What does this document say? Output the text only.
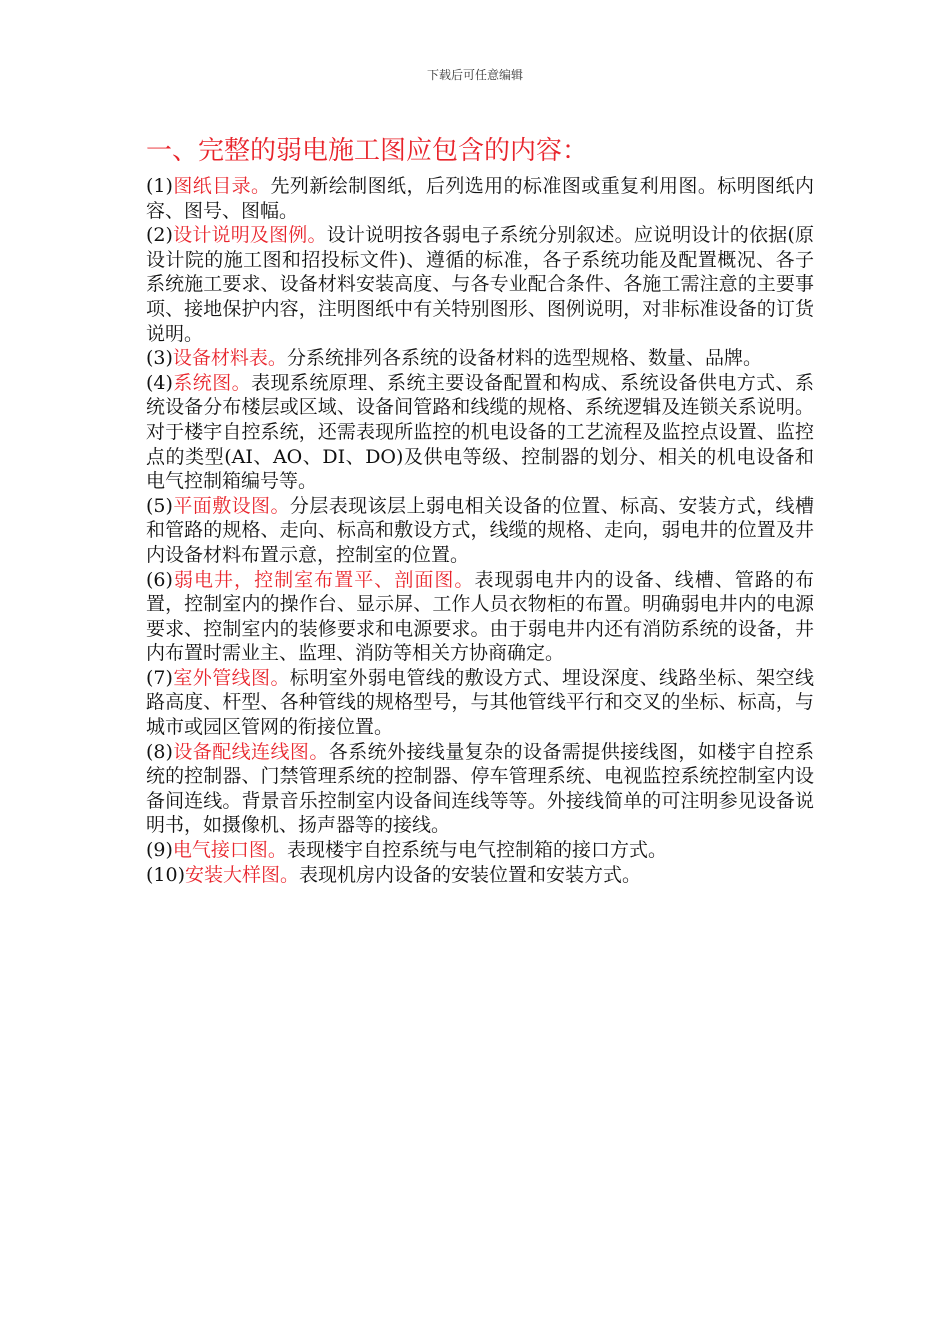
下载后可任意编辑
一、完整的弱电施工图应包含的内容：

(1)图纸目录。先列新绘制图纸，后列选用的标准图或重复利用图。标明图纸内容、图号、图幅。

(2)设计说明及图例。设计说明按各弱电子系统分别叙述。应说明设计的依据(原设计院的施工图和招投标文件)、遵循的标准，各子系统功能及配置概况、各子系统施工要求、设备材料安装高度、与各专业配合条件、各施工需注意的主要事项、接地保护内容，注明图纸中有关特别图形、图例说明，对非标准设备的订货说明。

(3)设备材料表。分系统排列各系统的设备材料的选型规格、数量、品牌。

(4)系统图。表现系统原理、系统主要设备配置和构成、系统设备供电方式、系统设备分布楼层或区域、设备间管路和线缆的规格、系统逻辑及连锁关系说明。对于楼宇自控系统，还需表现所监控的机电设备的工艺流程及监控点设置、监控点的类型(AI、AO、DI、DO)及供电等级、控制器的划分、相关的机电设备和电气控制箱编号等。

(5)平面敷设图。分层表现该层上弱电相关设备的位置、标高、安装方式，线槽和管路的规格、走向、标高和敷设方式，线缆的规格、走向，弱电井的位置及井内设备材料布置示意，控制室的位置。

(6)弱电井，控制室布置平、剖面图。表现弱电井内的设备、线槽、管路的布置，控制室内的操作台、显示屏、工作人员衣物柜的布置。明确弱电井内的电源要求、控制室内的装修要求和电源要求。由于弱电井内还有消防系统的设备，井内布置时需业主、监理、消防等相关方协商确定。

(7)室外管线图。标明室外弱电管线的敷设方式、埋设深度、线路坐标、架空线路高度、杆型、各种管线的规格型号，与其他管线平行和交叉的坐标、标高，与城市或园区管网的衔接位置。

(8)设备配线连线图。各系统外接线量复杂的设备需提供接线图，如楼宇自控系统的控制器、门禁管理系统的控制器、停车管理系统、电视监控系统控制室内设备间连线。背景音乐控制室内设备间连线等等。外接线简单的可注明参见设备说明书，如摄像机、扬声器等的接线。

(9)电气接口图。表现楼宇自控系统与电气控制箱的接口方式。

(10)安装大样图。表现机房内设备的安装位置和安装方式。
